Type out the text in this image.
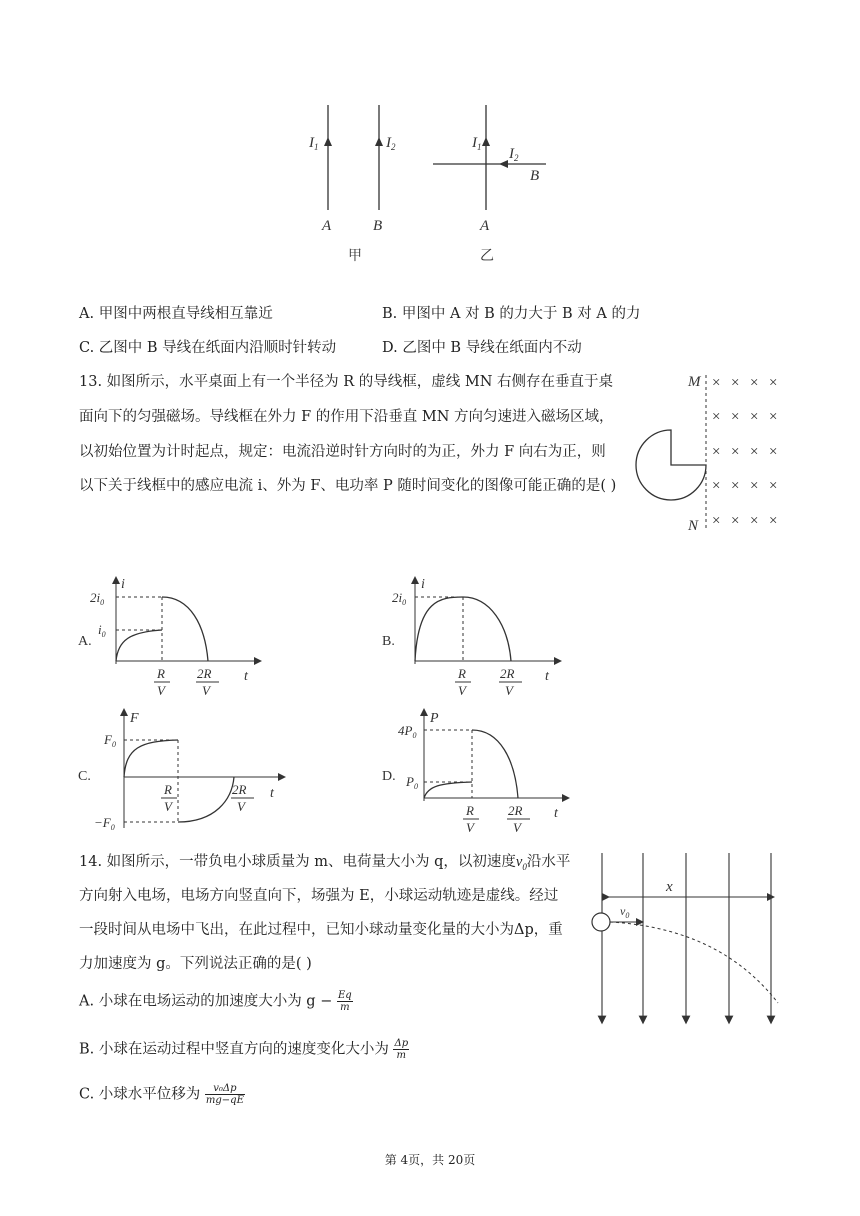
$I_1$	$I_2$
A	B
甲
$I_1$ $I_2$
B
A
乙
A. 甲图中两根直导线相互靠近	B. 甲图中 A 对 B 的力大于 B 对 A 的力
C. 乙图中 B 导线在纸面内沿顺时针转动	D. 乙图中 B 导线在纸面内不动
13. 如图所示，水平桌面上有一个半径为 R 的导线框，虚线 MN 右侧存在垂直于桌
面向下的匀强磁场。导线框在外力 F 的作用下沿垂直 MN 方向匀速进入磁场区域，
以初始位置为计时起点，规定：电流沿逆时针方向时的为正，外力 F 向右为正，则
以下关于线框中的感应电流 i、外为 F、电功率 P 随时间变化的图像可能正确的是( )
M
N
× × × ×
× × × ×
× × × ×
× × × ×
× × × ×
A.
i
t
$2i_0$
$i_0$
R
V
2R
V
B.
i
t
$2i_0$
R
V
2R
V
C.
F
t
$F_0$
$-F_0$
R
V
2R
V
D.
P
t
$4P_0$
$P_0$
R
V
2R
V
14. 如图所示，一带负电小球质量为 m、电荷量大小为 q，以初速度$v_0$沿水平
方向射入电场，电场方向竖直向下，场强为 E，小球运动轨迹是虚线。经过
一段时间从电场中飞出，在此过程中，已知小球动量变化量的大小为Δp，重
力加速度为 g。下列说法正确的是( )
A. 小球在电场运动的加速度大小为 $g - \frac{Eq}{m}$
B. 小球在运动过程中竖直方向的速度变化大小为 $\frac{\Delta p}{m}$
C. 小球水平位移为 $\frac{\text{v₀Δp}}{mg-qE}$
x
$v_0$
第 4页，共 20页
